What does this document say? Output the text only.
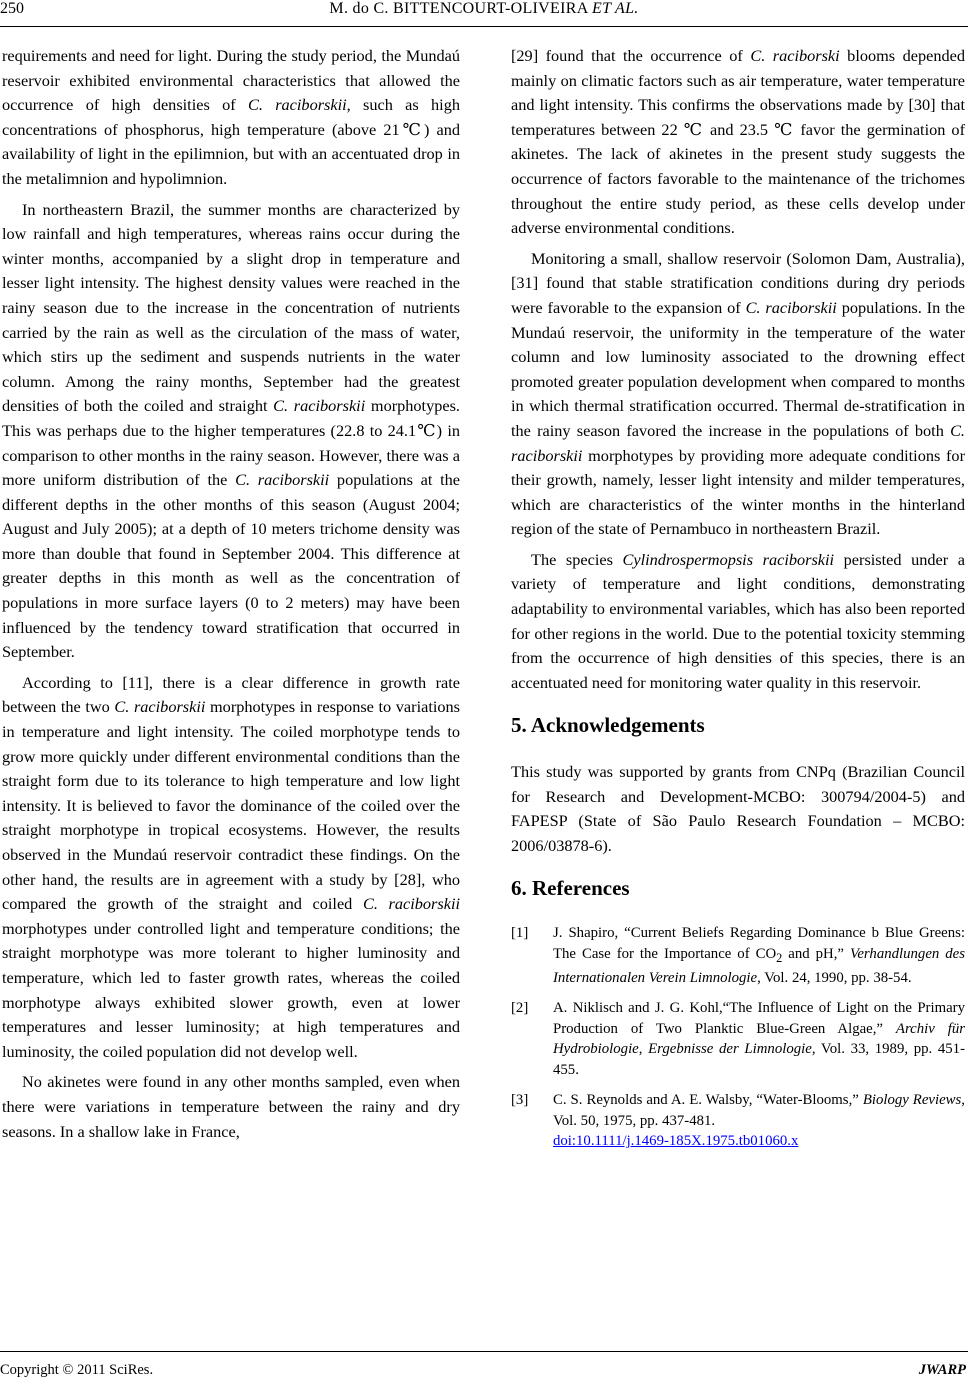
250	M. do C. BITTENCOURT-OLIVEIRA ET AL.

requirements and need for light. During the study period, the Mundaú reservoir exhibited environmental characteristics that allowed the occurrence of high densities of C. raciborskii, such as high concentrations of phosphorus, high temperature (above 21℃) and availability of light in the epilimnion, but with an accentuated drop in the metalimnion and hypolimnion.

In northeastern Brazil, the summer months are characterized by low rainfall and high temperatures, whereas rains occur during the winter months, accompanied by a slight drop in temperature and lesser light intensity. The highest density values were reached in the rainy season due to the increase in the concentration of nutrients carried by the rain as well as the circulation of the mass of water, which stirs up the sediment and suspends nutrients in the water column. Among the rainy months, September had the greatest densities of both the coiled and straight C. raciborskii morphotypes. This was perhaps due to the higher temperatures (22.8 to 24.1℃) in comparison to other months in the rainy season. However, there was a more uniform distribution of the C. raciborskii populations at the different depths in the other months of this season (August 2004; August and July 2005); at a depth of 10 meters trichome density was more than double that found in September 2004. This difference at greater depths in this month as well as the concentration of populations in more surface layers (0 to 2 meters) may have been influenced by the tendency toward stratification that occurred in September.

According to [11], there is a clear difference in growth rate between the two C. raciborskii morphotypes in response to variations in temperature and light intensity. The coiled morphotype tends to grow more quickly under different environmental conditions than the straight form due to its tolerance to high temperature and low light intensity. It is believed to favor the dominance of the coiled over the straight morphotype in tropical ecosystems. However, the results observed in the Mundaú reservoir contradict these findings. On the other hand, the results are in agreement with a study by [28], who compared the growth of the straight and coiled C. raciborskii morphotypes under controlled light and temperature conditions; the straight morphotype was more tolerant to higher luminosity and temperature, which led to faster growth rates, whereas the coiled morphotype always exhibited slower growth, even at lower temperatures and lesser luminosity; at high temperatures and luminosity, the coiled population did not develop well.

No akinetes were found in any other months sampled, even when there were variations in temperature between the rainy and dry seasons. In a shallow lake in France,

[29] found that the occurrence of C. raciborski blooms depended mainly on climatic factors such as air temperature, water temperature and light intensity. This confirms the observations made by [30] that temperatures between 22 ℃ and 23.5 ℃ favor the germination of akinetes. The lack of akinetes in the present study suggests the occurrence of factors favorable to the maintenance of the trichomes throughout the entire study period, as these cells develop under adverse environmental conditions.

Monitoring a small, shallow reservoir (Solomon Dam, Australia), [31] found that stable stratification conditions during dry periods were favorable to the expansion of C. raciborskii populations. In the Mundaú reservoir, the uniformity in the temperature of the water column and low luminosity associated to the drowning effect promoted greater population development when compared to months in which thermal stratification occurred. Thermal de-stratification in the rainy season favored the increase in the populations of both C. raciborskii morphotypes by providing more adequate conditions for their growth, namely, lesser light intensity and milder temperatures, which are characteristics of the winter months in the hinterland region of the state of Pernambuco in northeastern Brazil.

The species Cylindrospermopsis raciborskii persisted under a variety of temperature and light conditions, demonstrating adaptability to environmental variables, which has also been reported for other regions in the world. Due to the potential toxicity stemming from the occurrence of high densities of this species, there is an accentuated need for monitoring water quality in this reservoir.

5. Acknowledgements

This study was supported by grants from CNPq (Brazilian Council for Research and Development-MCBO: 300794/2004-5) and FAPESP (State of São Paulo Research Foundation – MCBO: 2006/03878-6).

6. References
[1] J. Shapiro, “Current Beliefs Regarding Dominance b Blue Greens: The Case for the Importance of $CO_2$ and pH,” Verhandlungen des Internationalen Verein Limnologie, Vol. 24, 1990, pp. 38-54.
[2] A. Niklisch and J. G. Kohl,“The Influence of Light on the Primary Production of Two Planktic Blue-Green Algae,” Archiv für Hydrobiologie, Ergebnisse der Limnologie, Vol. 33, 1989, pp. 451-455.
[3] C. S. Reynolds and A. E. Walsby, “Water-Blooms,” Biology Reviews, Vol. 50, 1975, pp. 437-481.
doi:10.1111/j.1469-185X.1975.tb01060.x
Copyright © 2011 SciRes.	JWARP
